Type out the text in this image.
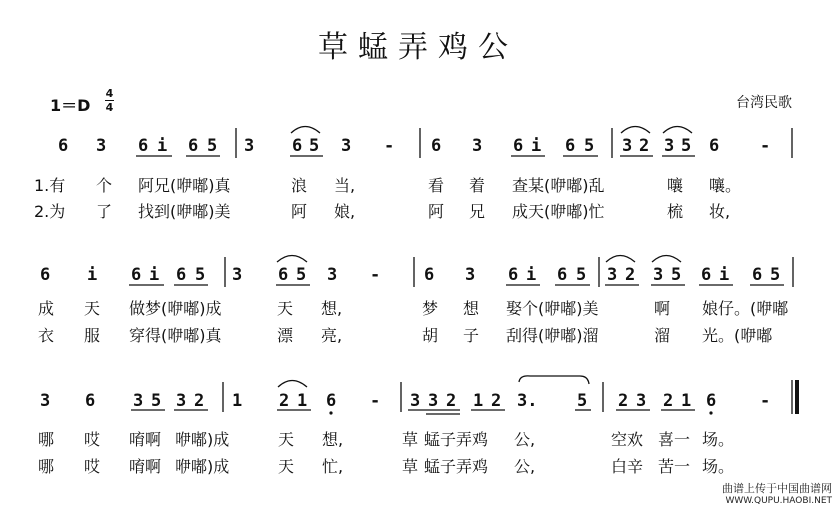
草蜢弄鸡公
1＝D
4
4	台湾民歌
6 3 6 i 6 5 3 6 5 3 - 6 3 6 i 6 5 3 2 3 5 6 -
1.有 个 阿兄(咿嘟)真	浪 当,	看 着 查某(咿嘟)乱	嚷 嚷。
2.为 了 找到(咿嘟)美	阿 娘,	阿 兄 成天(咿嘟)忙	梳 妆,
6 i 6 i 6 5 3 6 5 3 -	6 3 6 i 6 5 3 2 3 5 6 i 6 5
成 天 做梦(咿嘟)成	天 想,	梦 想 娶个(咿嘟)美	啊 娘仔。(咿嘟
衣 服 穿得(咿嘟)真	漂 亮,	胡 子 刮得(咿嘟)溜	溜 光。(咿嘟
3 6 3 5 3 2 1 2 1 6 - 3 3 2 1 2 3. 5 2 3 2 1 6	-
哪 哎 唷啊 咿嘟)成	天 想,	草 蜢子弄鸡 公,	空欢 喜一 场。
哪 哎 唷啊 咿嘟)成	天 忙,	草 蜢子弄鸡 公,	白辛 苦一 场。
曲谱上传于中国曲谱网
WWW.QUPU.HAOBI.NET
